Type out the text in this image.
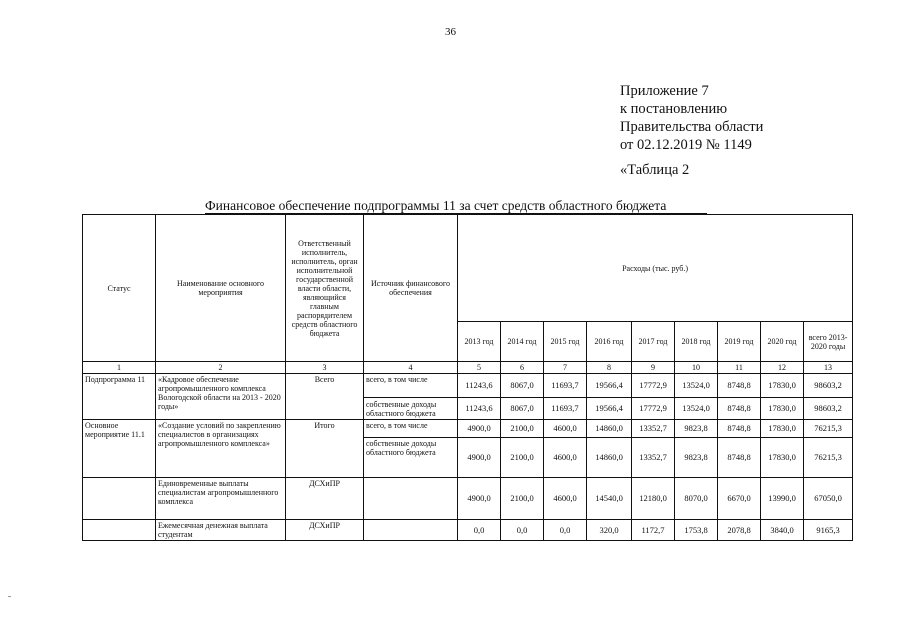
36
Приложение 7
к постановлению
Правительства области
от 02.12.2019 № 1149
«Таблица 2
Финансовое обеспечение подпрограммы 11 за счет средств областного бюджета
Статус	Наименование основного мероприятия	Ответственный исполнитель, исполнитель, орган исполнительной государственной власти области, являющийся главным распорядителем средств областного бюджета	Источник финансового обеспечения	Расходы (тыс. руб.)								
				2013 год	2014 год	2015 год	2016 год	2017 год	2018 год	2019 год	2020 год	всего 2013-2020 годы
1	2	3	4	5	6	7	8	9	10	11	12	13
Подпрограмма 11	«Кадровое обеспечение агропромышленного комплекса Вологодской области на 2013 - 2020 годы»	Всего	всего, в том числе	11243,6	8067,0	11693,7	19566,4	17772,9	13524,0	8748,8	17830,0	98603,2
			собственные доходы областного бюджета	11243,6	8067,0	11693,7	19566,4	17772,9	13524,0	8748,8	17830,0	98603,2
Основное мероприятие 11.1	«Создание условий по закреплению специалистов в организациях агропромышленного комплекса»	Итого	всего, в том числе	4900,0	2100,0	4600,0	14860,0	13352,7	9823,8	8748,8	17830,0	76215,3
			собственные доходы областного бюджета	4900,0	2100,0	4600,0	14860,0	13352,7	9823,8	8748,8	17830,0	76215,3
	Единовременные выплаты специалистам агропромышленного комплекса	ДСХиПР		4900,0	2100,0	4600,0	14540,0	12180,0	8070,0	6670,0	13990,0	67050,0
	Ежемесячная денежная выплата студентам	ДСХиПР		0,0	0,0	0,0	320,0	1172,7	1753,8	2078,8	3840,0	9165,3
